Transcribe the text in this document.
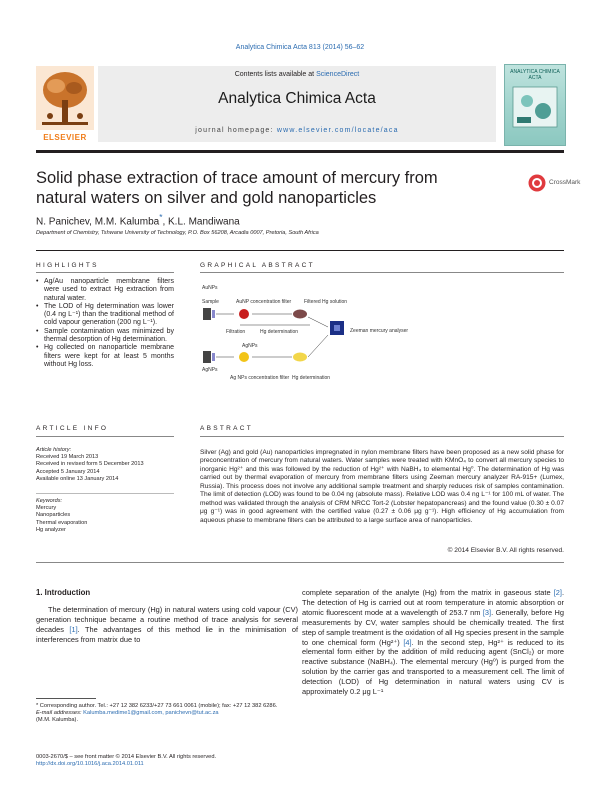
Analytica Chimica Acta 813 (2014) 56–62
ELSEVIER
Contents lists available at ScienceDirect
Analytica Chimica Acta
journal homepage: www.elsevier.com/locate/aca
ANALYTICA CHIMICA ACTA
Solid phase extraction of trace amount of mercury from natural waters on silver and gold nanoparticles
CrossMark
N. Panichev, M.M. Kalumba*, K.L. Mandiwana
Department of Chemistry, Tshwane University of Technology, P.O. Box 56208, Arcadia 0007, Pretoria, South Africa
HIGHLIGHTS	GRAPHICAL ABSTRACT
• Ag/Au nanoparticle membrane filters were used to extract Hg extraction from natural water.
• The LOD of Hg determination was lower (0.4 ng L⁻¹) than the traditional method of cold vapour generation (200 ng L⁻¹).
• Sample contamination was minimized by thermal desorption of Hg determination.
• Hg collected on nanoparticle membrane filters were kept for at least 5 months without Hg loss.
AuNPs
Sample	AuNP concentration filter	Filtered Hg solution
Filtration	Hg determination	Zeeman mercury analyser
AgNPs
AgNPs
Ag NPs concentration filter Hg determination
ARTICLE INFO	ABSTRACT
Article history:
Received 19 March 2013
Received in revised form 5 December 2013
Accepted 5 January 2014
Available online 13 January 2014
Keywords:
Mercury
Nanoparticles
Thermal evaporation
Hg analyzer
Silver (Ag) and gold (Au) nanoparticles impregnated in nylon membrane filters have been proposed as a new solid phase for preconcentration of mercury from natural waters. Water samples were treated with KMnO₄ to convert all mercury species to inorganic Hg²⁺ and this was followed by the reduction of Hg²⁺ with NaBH₄ to elemental Hg⁰. The determination of Hg was carried out by thermal evaporation of mercury from membrane filters using Zeeman mercury analyzer RA-915+ (Lumex, Russia). This process does not involve any additional sample treatment and sharply reduces risk of samples contamination. The limit of detection (LOD) was found to be 0.04 ng (absolute mass). Relative LOD was 0.4 ng L⁻¹ for 100 mL of water. The method was validated through the analysis of CRM NRCC Tort-2 (Lobster hepatopancreas) and the found value (0.30 ± 0.07 μg g⁻¹) was in good agreement with the certified value (0.27 ± 0.06 μg g⁻¹). High efficiency of Hg accumulation from aqueous phase to membrane filters can be attributed to a large surface area of nanoparticles.
© 2014 Elsevier B.V. All rights reserved.
1. Introduction
The determination of mercury (Hg) in natural waters using cold vapour (CV) generation technique became a routine method of trace analysis for several decades [1]. The advantages of this method lie in the minimisation of interferences from matrix due to
complete separation of the analyte (Hg) from the matrix in gaseous state [2]. The detection of Hg is carried out at room temperature in atomic absorption or atomic fluorescent mode at a wavelength of 253.7 nm [3]. Generally, before Hg measurements by CV, water samples should be chemically treated. The first step of sample treatment is the oxidation of all Hg species present in the sample to one chemical form (Hg²⁺) [4]. In the second step, Hg²⁺ is reduced to its elemental form either by the addition of mild reducing agent (SnCl₂) or more reactive substance (NaBH₄). The elemental mercury (Hg⁰) is purged from the solution by the carrier gas and transported to a measurement cell. The limit of detection (LOD) of Hg determination in natural waters using CV is approximately 0.2 μg L⁻¹
* Corresponding author. Tel.: +27 12 382 6233/+27 73 661 0061 (mobile); fax: +27 12 382 6286.
E-mail addresses: Kalumba.medime1@gmail.com, panichevn@tut.ac.za
(M.M. Kalumba).
0003-2670/$ – see front matter © 2014 Elsevier B.V. All rights reserved.
http://dx.doi.org/10.1016/j.aca.2014.01.011
